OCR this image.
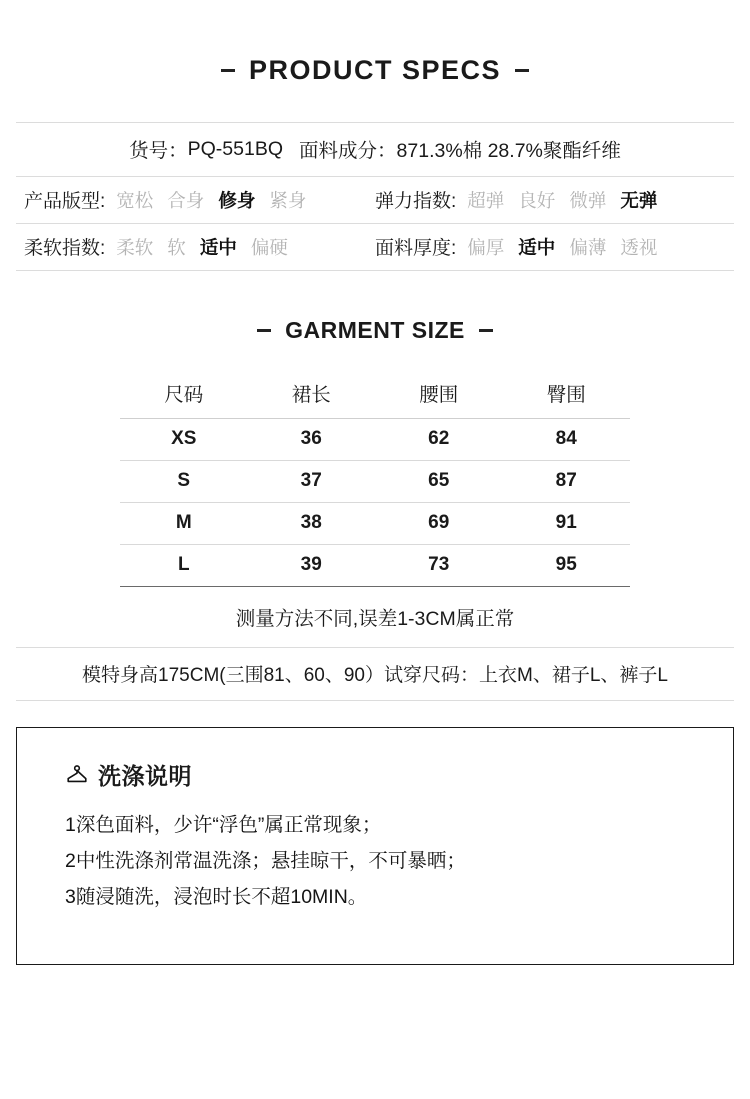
PRODUCT SPECS
货号： PQ-551BQ 面料成分： 871.3%棉 28.7%聚酯纤维
产品版型: 宽松 合身 修身 紧身	弹力指数: 超弹 良好 微弹 无弹
柔软指数: 柔软 软 适中 偏硬	面料厚度: 偏厚 适中 偏薄 透视
GARMENT SIZE
尺码	裙长	腰围	臀围
XS	36	62	84
S	37	65	87
M	38	69	91
L	39	73	95
测量方法不同,误差1-3CM属正常
模特身高175CM(三围81、60、90）试穿尺码：上衣M、裙子L、裤子L
洗涤说明
1深色面料，少许“浮色”属正常现象；
2中性洗涤剂常温洗涤；悬挂晾干，不可暴晒；
3随浸随洗，浸泡时长不超10MIN。
